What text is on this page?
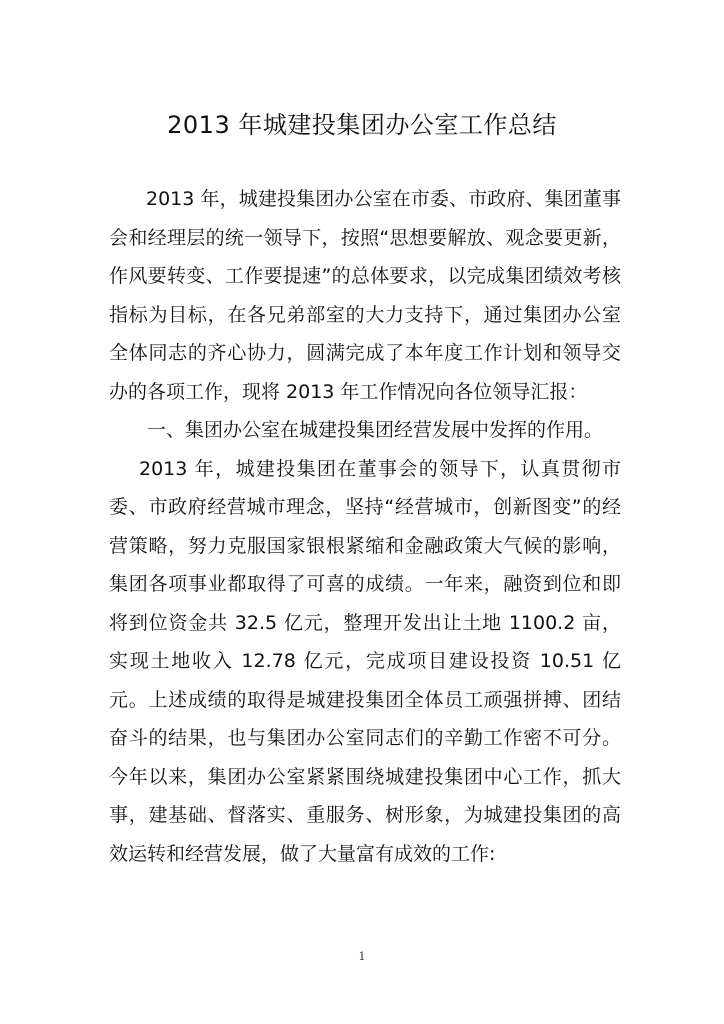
2013 年城建投集团办公室工作总结

2013 年，城建投集团办公室在市委、市政府、集团董事会和经理层的统一领导下，按照“思想要解放、观念要更新，作风要转变、工作要提速”的总体要求，以完成集团绩效考核指标为目标，在各兄弟部室的大力支持下，通过集团办公室全体同志的齐心协力，圆满完成了本年度工作计划和领导交办的各项工作，现将 2013 年工作情况向各位领导汇报：

一、集团办公室在城建投集团经营发展中发挥的作用。

2013 年，城建投集团在董事会的领导下，认真贯彻市委、市政府经营城市理念，坚持“经营城市，创新图变”的经营策略，努力克服国家银根紧缩和金融政策大气候的影响，集团各项事业都取得了可喜的成绩。一年来，融资到位和即将到位资金共 32.5 亿元，整理开发出让土地 1100.2 亩，实现土地收入 12.78 亿元，完成项目建设投资 10.51 亿元。上述成绩的取得是城建投集团全体员工顽强拼搏、团结奋斗的结果，也与集团办公室同志们的辛勤工作密不可分。今年以来，集团办公室紧紧围绕城建投集团中心工作，抓大事，建基础、督落实、重服务、树形象，为城建投集团的高效运转和经营发展，做了大量富有成效的工作:

1
